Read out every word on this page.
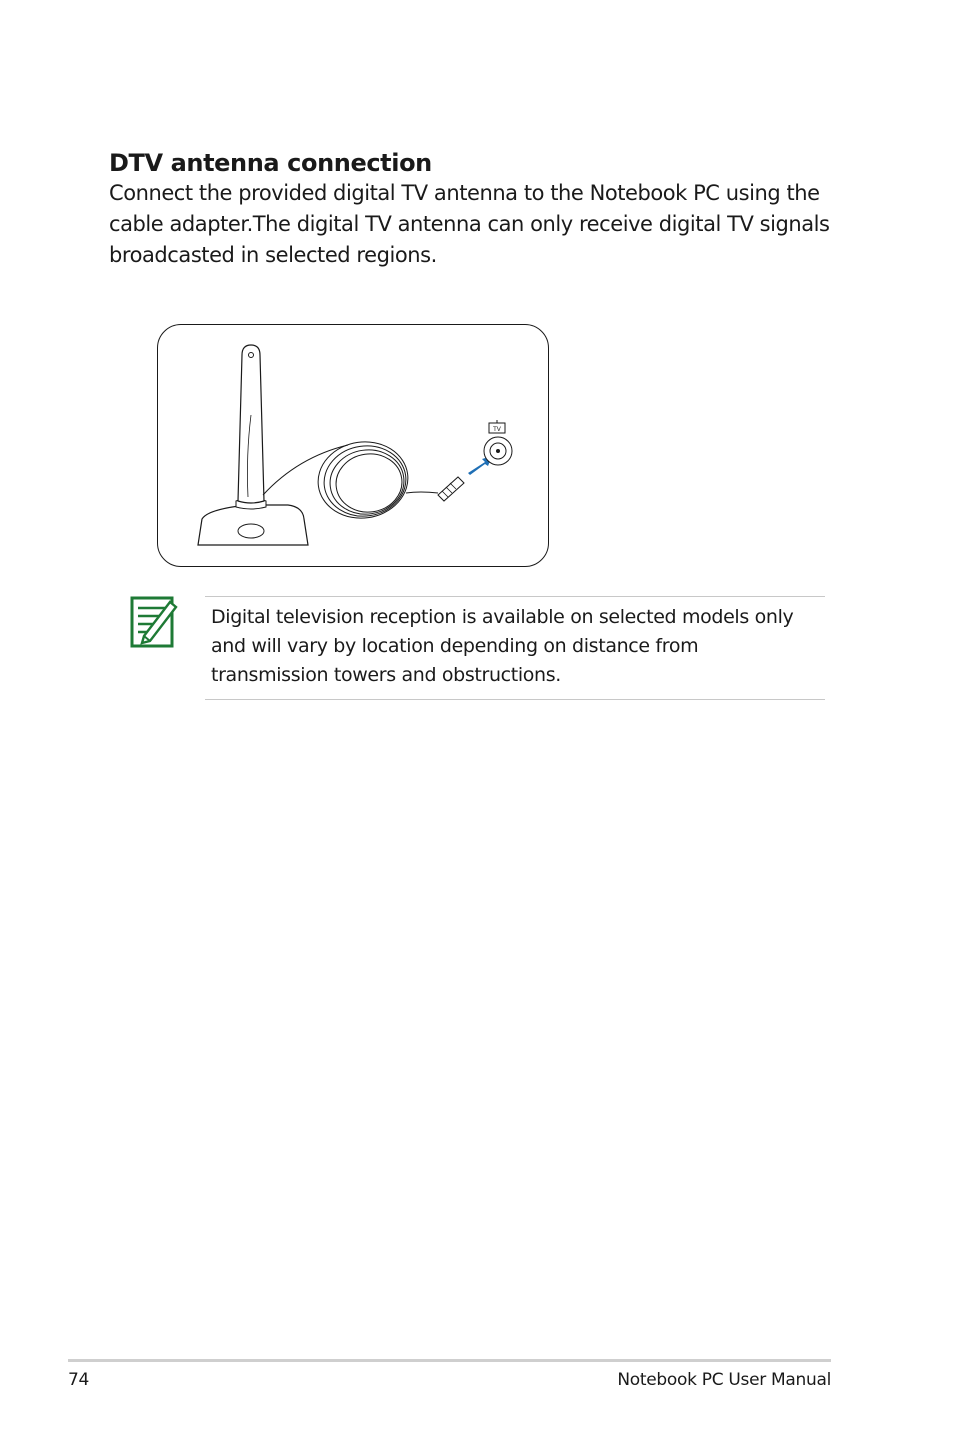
DTV antenna connection

Connect the provided digital TV antenna to the Notebook PC using the cable adapter.The digital TV antenna can only receive digital TV signals broadcasted in selected regions.

TV

Digital television reception is available on selected models only and will vary by location depending on distance from transmission towers and obstructions.

74	Notebook PC User Manual
